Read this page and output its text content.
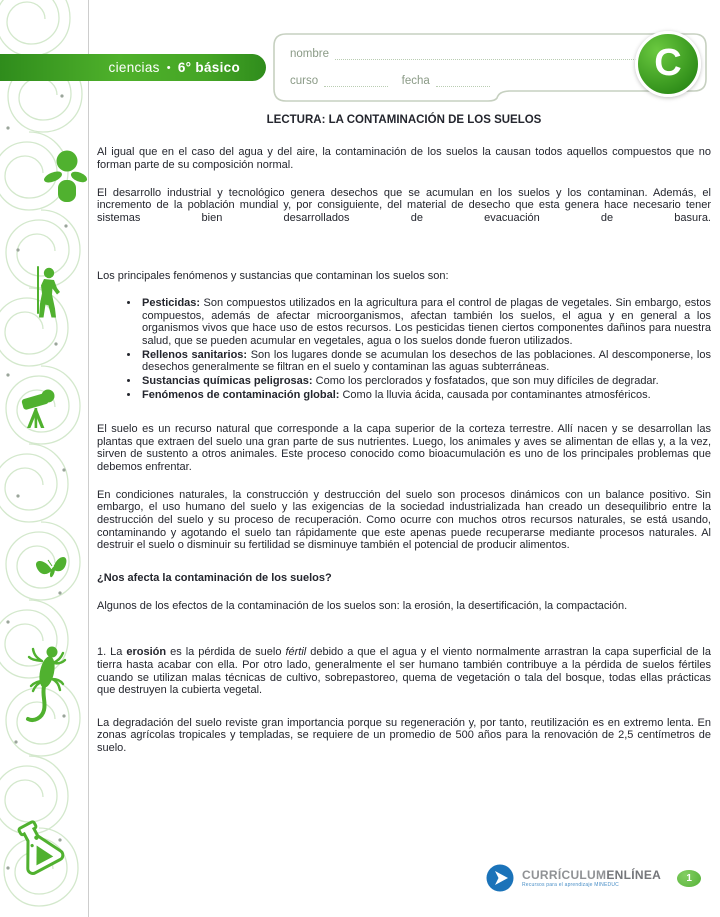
ciencias • 6° básico
nombre
curso	fecha	C
LECTURA: LA CONTAMINACIÓN DE LOS SUELOS

Al igual que en el caso del agua y del aire, la contaminación de los suelos la causan todos aquellos compuestos que no forman parte de su composición normal.

El desarrollo industrial y tecnológico genera desechos que se acumulan en los suelos y los contaminan. Además, el incremento de la población mundial y, por consiguiente, del material de desecho que esta genera hace necesario tener sistemas bien desarrollados de evacuación de basura.

Los principales fenómenos y sustancias que contaminan los suelos son:

• Pesticidas: Son compuestos utilizados en la agricultura para el control de plagas de vegetales. Sin embargo, estos compuestos, además de afectar microorganismos, afectan también los suelos, el agua y en general a los organismos vivos que hace uso de estos recursos. Los pesticidas tienen ciertos componentes dañinos para nuestra salud, que se pueden acumular en vegetales, agua o los suelos donde fueron utilizados.
• Rellenos sanitarios: Son los lugares donde se acumulan los desechos de las poblaciones. Al descomponerse, los desechos generalmente se filtran en el suelo y contaminan las aguas subterráneas.
• Sustancias químicas peligrosas: Como los perclorados y fosfatados, que son muy difíciles de degradar.
• Fenómenos de contaminación global: Como la lluvia ácida, causada por contaminantes atmosféricos.

El suelo es un recurso natural que corresponde a la capa superior de la corteza terrestre. Allí nacen y se desarrollan las plantas que extraen del suelo una gran parte de sus nutrientes. Luego, los animales y aves se alimentan de ellas y, a la vez, sirven de sustento a otros animales. Este proceso conocido como bioacumulación es uno de los principales problemas que debemos enfrentar.

En condiciones naturales, la construcción y destrucción del suelo son procesos dinámicos con un balance positivo. Sin embargo, el uso humano del suelo y las exigencias de la sociedad industrializada han creado un desequilibrio entre la destrucción del suelo y su proceso de recuperación. Como ocurre con muchos otros recursos naturales, se está usando, contaminando y agotando el suelo tan rápidamente que este apenas puede recuperarse mediante procesos naturales. Al destruir el suelo o disminuir su fertilidad se disminuye también el potencial de producir alimentos.

¿Nos afecta la contaminación de los suelos?

Algunos de los efectos de la contaminación de los suelos son: la erosión, la desertificación, la compactación.

1. La erosión es la pérdida de suelo fértil debido a que el agua y el viento normalmente arrastran la capa superficial de la tierra hasta acabar con ella. Por otro lado, generalmente el ser humano también contribuye a la pérdida de suelos fértiles cuando se utilizan malas técnicas de cultivo, sobrepastoreo, quema de vegetación o tala del bosque, todas ellas prácticas que destruyen la cubierta vegetal.

La degradación del suelo reviste gran importancia porque su regeneración y, por tanto, reutilización es en extremo lenta. En zonas agrícolas tropicales y templadas, se requiere de un promedio de 500 años para la renovación de 2,5 centímetros de suelo.

CURRÍCULUMENLÍNEA
Recursos para el aprendizaje MINEDUC
1
